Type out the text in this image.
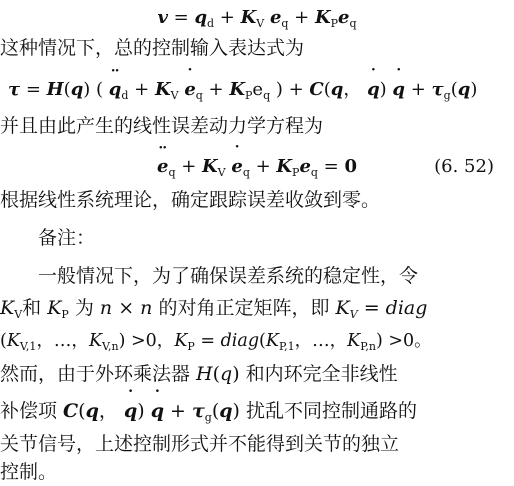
v = ¨ $q_d + K_V$ ˙ $e_q + K_Pe_q$
这种情况下，总的控制输入表达式为
τ = H(q) ( ¨ $q_d + K_V$ ˙ $e_q + K_Pe_q$ ) + C(q， ˙ q) ˙ $q + \tau_g(q)$
并且由此产生的线性误差动力学方程为
¨ $e_q + K_V$ ˙ $e_q + K_Pe_q = 0$	(6. 52)
根据线性系统理论，确定跟踪误差收敛到零。
备注：
一般情况下，为了确保误差系统的稳定性，令
$K_V$和 $K_P$ 为 n × n 的对角正定矩阵，即 $K_V$ = diag
($K_{V,1}$，…，$K_{V,n}) >0$，$K_P$ = $diag(K_{P,1}$，…，$K_{P,n}) >0$。
然而，由于外环乘法器 H(q) 和内环完全非线性
补偿项 C(q， ˙ q) ˙ $q + \tau_g(q)$ 扰乱不同控制通路的
关节信号，上述控制形式并不能得到关节的独立
控制。
